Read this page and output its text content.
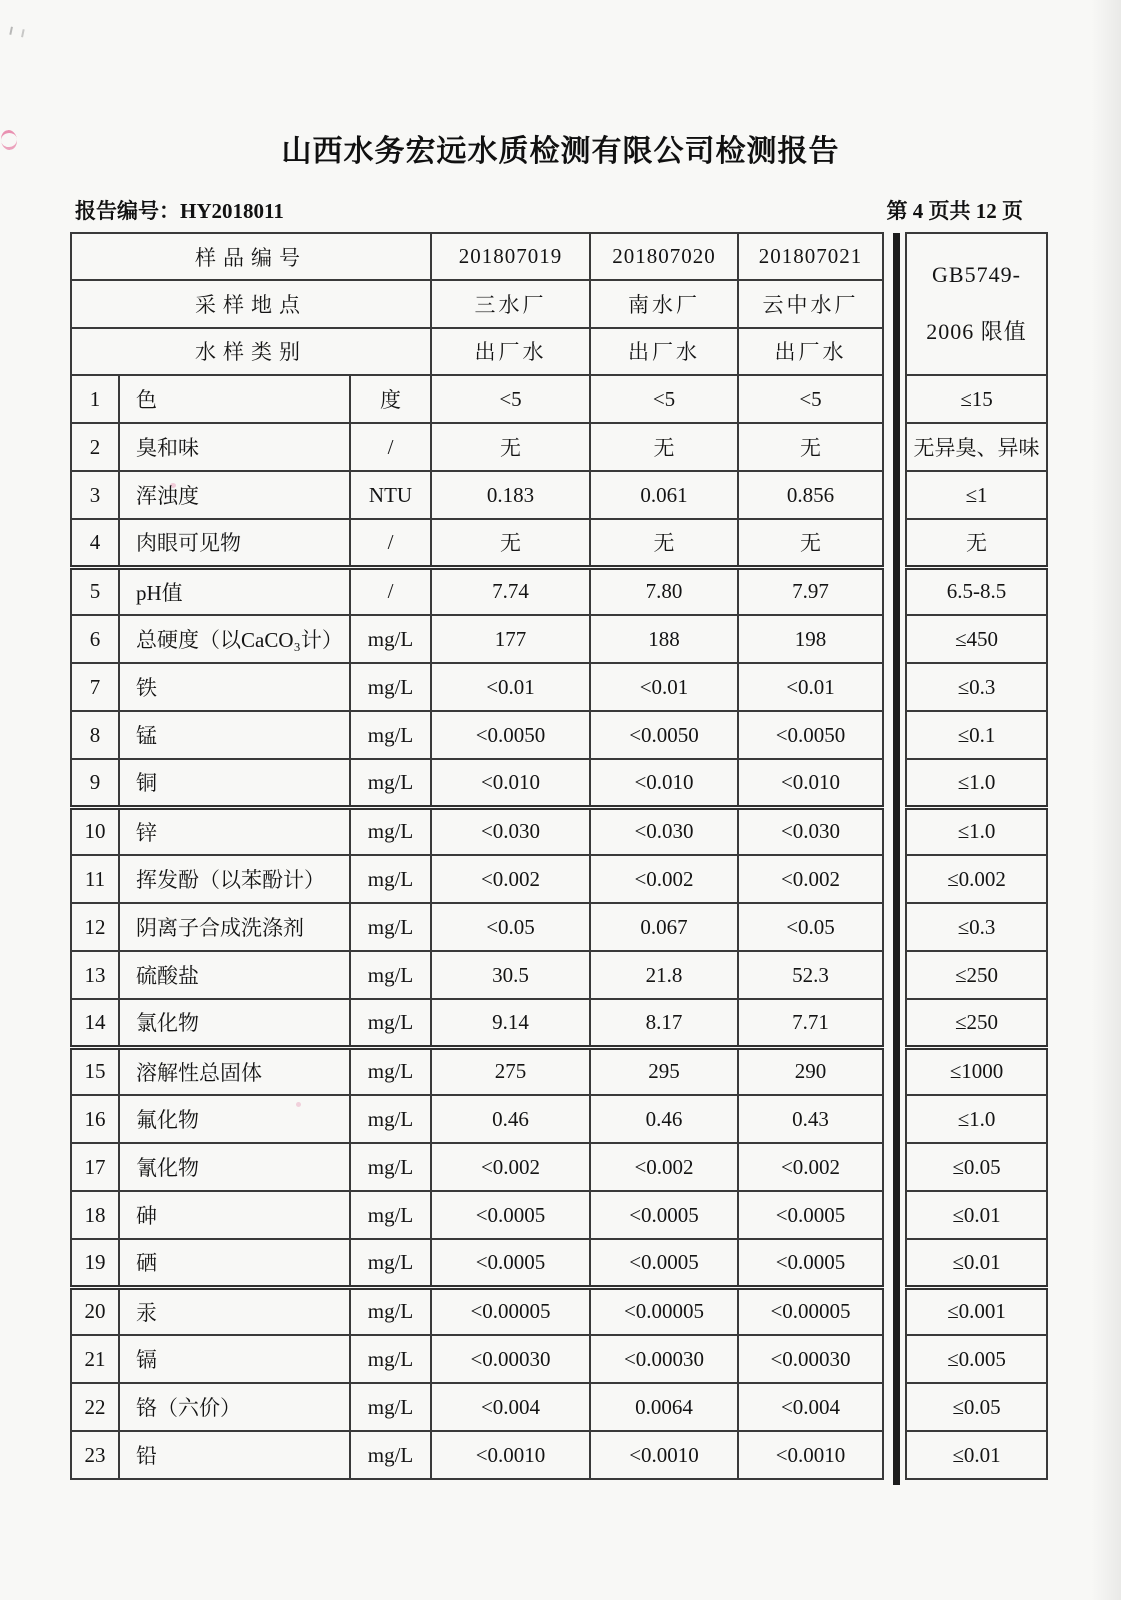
山西水务宏远水质检测有限公司检测报告
报告编号：HY2018011	第 4 页共 12 页
样品编号			201807019	201807020	201807021		GB5749-
2006 限值

采样地点			三水厂	南水厂	云中水厂		
水样类别			出厂水	出厂水	出厂水		
1	色	度	<5	<5	<5		≤15
2	臭和味	/	无	无	无		无异臭、异味
3	浑浊度	NTU	0.183	0.061	0.856		≤1
4	肉眼可见物	/	无	无	无		无
5	pH值	/	7.74	7.80	7.97		6.5-8.5
6	总硬度（以CaCO₃计）	mg/L	177	188	198		≤450
7	铁	mg/L	<0.01	<0.01	<0.01		≤0.3
8	锰	mg/L	<0.0050	<0.0050	<0.0050		≤0.1
9	铜	mg/L	<0.010	<0.010	<0.010		≤1.0
10	锌	mg/L	<0.030	<0.030	<0.030		≤1.0
11	挥发酚（以苯酚计）	mg/L	<0.002	<0.002	<0.002		≤0.002
12	阴离子合成洗涤剂	mg/L	<0.05	0.067	<0.05		≤0.3
13	硫酸盐	mg/L	30.5	21.8	52.3		≤250
14	氯化物	mg/L	9.14	8.17	7.71		≤250
15	溶解性总固体	mg/L	275	295	290		≤1000
16	氟化物	mg/L	0.46	0.46	0.43		≤1.0
17	氰化物	mg/L	<0.002	<0.002	<0.002		≤0.05
18	砷	mg/L	<0.0005	<0.0005	<0.0005		≤0.01
19	硒	mg/L	<0.0005	<0.0005	<0.0005		≤0.01
20	汞	mg/L	<0.00005	<0.00005	<0.00005		≤0.001
21	镉	mg/L	<0.00030	<0.00030	<0.00030		≤0.005
22	铬（六价）	mg/L	<0.004	0.0064	<0.004		≤0.05
23	铅	mg/L	<0.0010	<0.0010	<0.0010		≤0.01
